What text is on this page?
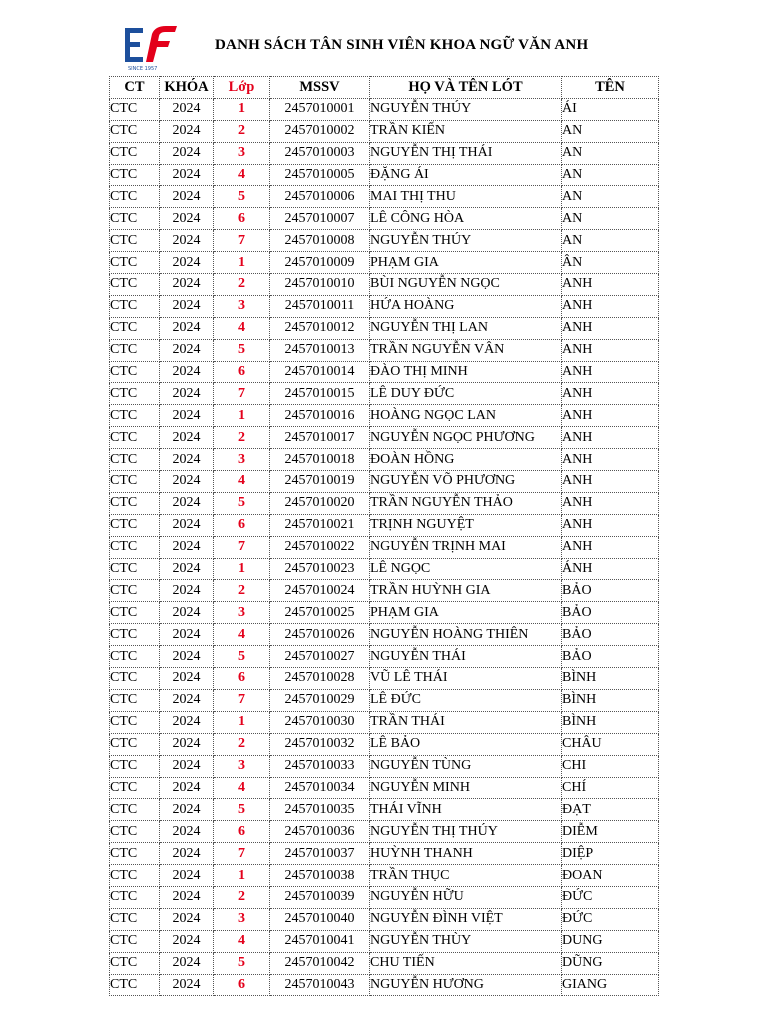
SINCE 1957
DANH SÁCH TÂN SINH VIÊN KHOA NGỮ VĂN ANH
CT	KHÓA	Lớp	MSSV	HỌ VÀ TÊN LÓT	TÊN
CTC	2024	1	2457010001	NGUYỄN THÚY	ÁI
CTC	2024	2	2457010002	TRẦN KIẾN	AN
CTC	2024	3	2457010003	NGUYỄN THỊ THÁI	AN
CTC	2024	4	2457010005	ĐẶNG ÁI	AN
CTC	2024	5	2457010006	MAI THỊ THU	AN
CTC	2024	6	2457010007	LÊ CÔNG HÒA	AN
CTC	2024	7	2457010008	NGUYỄN THÚY	AN
CTC	2024	1	2457010009	PHẠM GIA	ÂN
CTC	2024	2	2457010010	BÙI NGUYỄN NGỌC	ANH
CTC	2024	3	2457010011	HỨA HOÀNG	ANH
CTC	2024	4	2457010012	NGUYỄN THỊ LAN	ANH
CTC	2024	5	2457010013	TRẦN NGUYỄN VÂN	ANH
CTC	2024	6	2457010014	ĐÀO THỊ MINH	ANH
CTC	2024	7	2457010015	LÊ DUY ĐỨC	ANH
CTC	2024	1	2457010016	HOÀNG NGỌC LAN	ANH
CTC	2024	2	2457010017	NGUYỄN NGỌC PHƯƠNG	ANH
CTC	2024	3	2457010018	ĐOÀN HỒNG	ANH
CTC	2024	4	2457010019	NGUYỄN VÕ PHƯƠNG	ANH
CTC	2024	5	2457010020	TRẦN NGUYỄN THẢO	ANH
CTC	2024	6	2457010021	TRỊNH NGUYỆT	ANH
CTC	2024	7	2457010022	NGUYỄN TRỊNH MAI	ANH
CTC	2024	1	2457010023	LÊ NGỌC	ÁNH
CTC	2024	2	2457010024	TRẦN HUỲNH GIA	BẢO
CTC	2024	3	2457010025	PHẠM GIA	BẢO
CTC	2024	4	2457010026	NGUYỄN HOÀNG THIÊN	BẢO
CTC	2024	5	2457010027	NGUYỄN THÁI	BẢO
CTC	2024	6	2457010028	VŨ LÊ THÁI	BÌNH
CTC	2024	7	2457010029	LÊ ĐỨC	BÌNH
CTC	2024	1	2457010030	TRẦN THÁI	BÌNH
CTC	2024	2	2457010032	LÊ BẢO	CHÂU
CTC	2024	3	2457010033	NGUYỄN TÙNG	CHI
CTC	2024	4	2457010034	NGUYỄN MINH	CHÍ
CTC	2024	5	2457010035	THÁI VĨNH	ĐẠT
CTC	2024	6	2457010036	NGUYỄN THỊ THÚY	DIỄM
CTC	2024	7	2457010037	HUỲNH THANH	DIỆP
CTC	2024	1	2457010038	TRẦN THỤC	ĐOAN
CTC	2024	2	2457010039	NGUYỄN HỮU	ĐỨC
CTC	2024	3	2457010040	NGUYỄN ĐÌNH VIỆT	ĐỨC
CTC	2024	4	2457010041	NGUYỄN THÙY	DUNG
CTC	2024	5	2457010042	CHU TIẾN	DŨNG
CTC	2024	6	2457010043	NGUYỄN HƯƠNG	GIANG
